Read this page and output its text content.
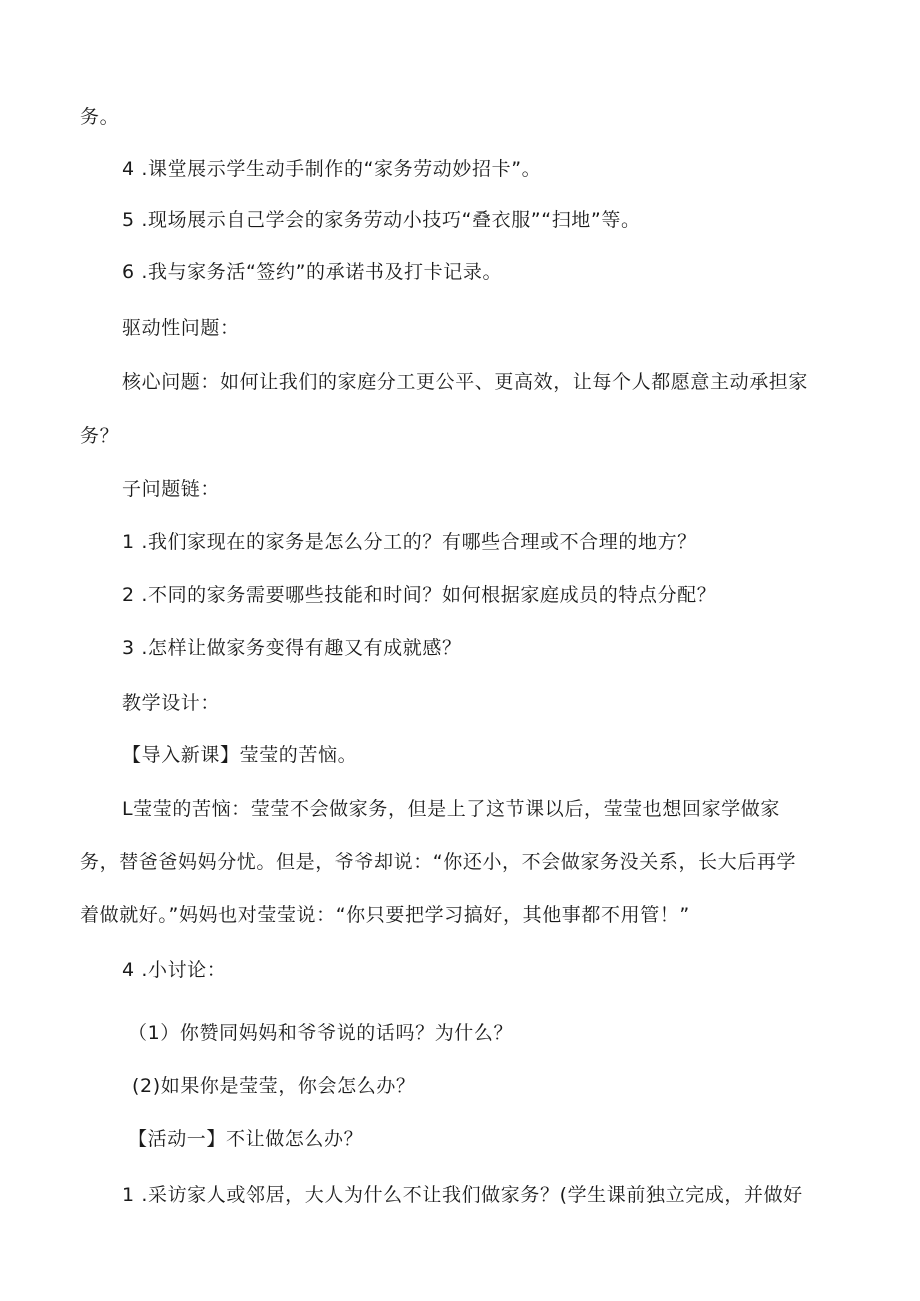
务。
4 .课堂展示学生动手制作的“家务劳动妙招卡”。
5 .现场展示自己学会的家务劳动小技巧“叠衣服”“扫地”等。
6 .我与家务活“签约”的承诺书及打卡记录。
驱动性问题：
核心问题：如何让我们的家庭分工更公平、更高效，让每个人都愿意主动承担家
务？
子问题链：
1 .我们家现在的家务是怎么分工的？有哪些合理或不合理的地方？
2 .不同的家务需要哪些技能和时间？如何根据家庭成员的特点分配？
3 .怎样让做家务变得有趣又有成就感？
教学设计：
【导入新课】莹莹的苦恼。
L莹莹的苦恼：莹莹不会做家务，但是上了这节课以后，莹莹也想回家学做家
务，替爸爸妈妈分忧。但是，爷爷却说：“你还小，不会做家务没关系，长大后再学
着做就好。”妈妈也对莹莹说：“你只要把学习搞好，其他事都不用管！”
4 .小讨论：
（1）你赞同妈妈和爷爷说的话吗？为什么？
(2)如果你是莹莹，你会怎么办？
【活动一】不让做怎么办？
1 .采访家人或邻居，大人为什么不让我们做家务？(学生课前独立完成，并做好
